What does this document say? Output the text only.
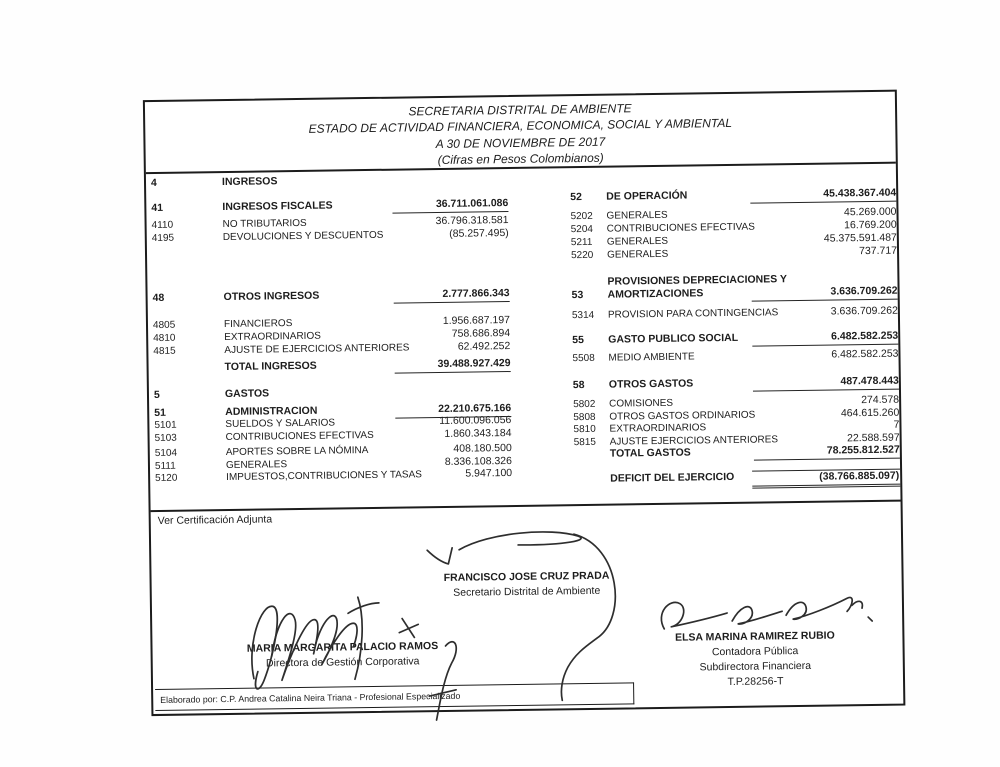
SECRETARIA DISTRITAL DE AMBIENTE
ESTADO DE ACTIVIDAD FINANCIERA, ECONOMICA, SOCIAL Y AMBIENTAL
A 30 DE NOVIEMBRE DE 2017
(Cifras en Pesos Colombianos)
4	INGRESOS
41	INGRESOS FISCALES	36.711.061.086
4110	NO TRIBUTARIOS	36.796.318.581
4195	DEVOLUCIONES Y DESCUENTOS	(85.257.495)
48	OTROS INGRESOS	2.777.866.343
4805	FINANCIEROS	1.956.687.197
4810	EXTRAORDINARIOS	758.686.894
4815	AJUSTE DE EJERCICIOS ANTERIORES	62.492.252
TOTAL INGRESOS	39.488.927.429
5	GASTOS
51	ADMINISTRACION	22.210.675.166
5101	SUELDOS Y SALARIOS	11.600.096.056
5103	CONTRIBUCIONES EFECTIVAS	1.860.343.184
5104	APORTES SOBRE LA NÓMINA	408.180.500
5111	GENERALES	8.336.108.326
5120	IMPUESTOS,CONTRIBUCIONES Y TASAS	5.947.100
52 DE OPERACIÓN	45.438.367.404
5202 GENERALES	45.269.000
5204 CONTRIBUCIONES EFECTIVAS	16.769.200
5211 GENERALES	45.375.591.487
5220 GENERALES	737.717
PROVISIONES DEPRECIACIONES Y
53 AMORTIZACIONES	3.636.709.262
5314 PROVISION PARA CONTINGENCIAS	3.636.709.262
55 GASTO PUBLICO SOCIAL	6.482.582.253
5508 MEDIO AMBIENTE	6.482.582.253
58 OTROS GASTOS	487.478.443
5802 COMISIONES	274.578
5808 OTROS GASTOS ORDINARIOS	464.615.260
5810 EXTRAORDINARIOS	7
5815 AJUSTE EJERCICIOS ANTERIORES	22.588.597
TOTAL GASTOS	78.255.812.527
DEFICIT DEL EJERCICIO	(38.766.885.097)
Ver Certificación Adjunta
FRANCISCO JOSE CRUZ PRADA
Secretario Distrital de Ambiente
MARIA MARGARITA PALACIO RAMOS
Directora de Gestión Corporativa
ELSA MARINA RAMIREZ RUBIO
Contadora Pública
Subdirectora Financiera
T.P.28256-T
Elaborado por: C.P. Andrea Catalina Neira Triana - Profesional Especializado
